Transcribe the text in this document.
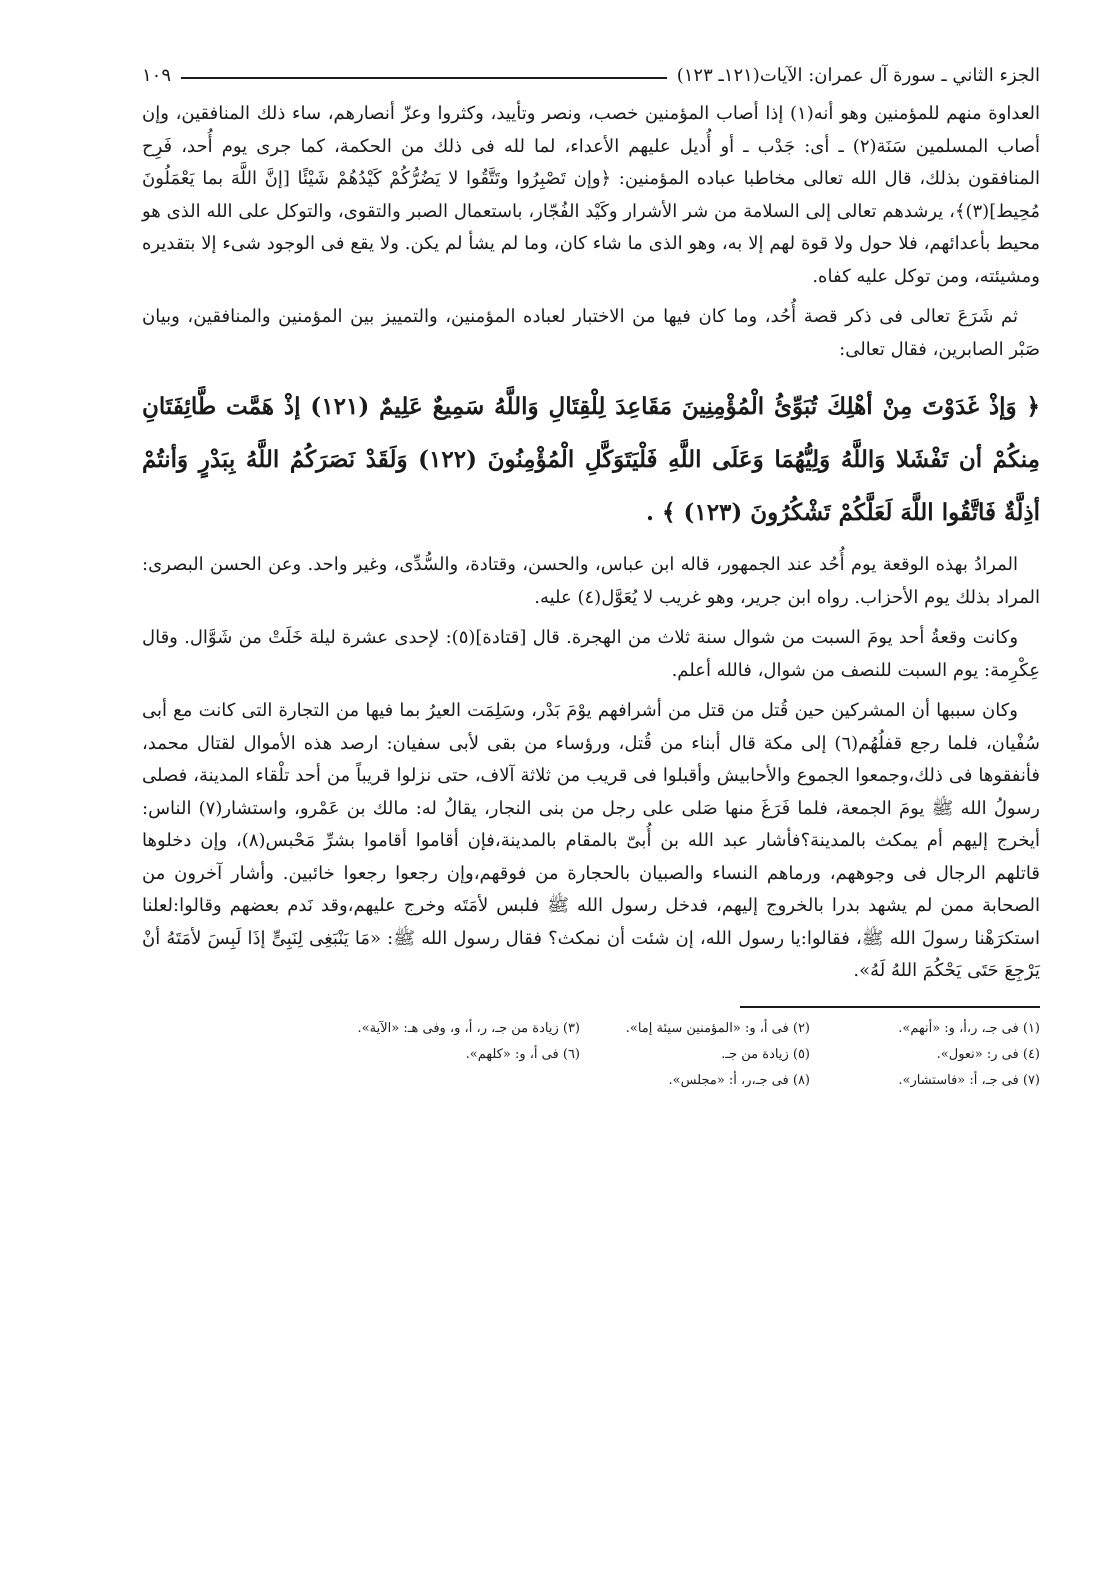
الجزء الثاني ـ سورة آل عمران: الآيات(١٢١ـ ١٢٣)
١٠٩

العداوة منهم للمؤمنين وهو أنه(١) إذا أصاب المؤمنين خصب، ونصر وتأييد، وكثروا وعزّ أنصارهم، ساء ذلك المنافقين، وإن أصاب المسلمين سَنَة(٢) ـ أى: جَدْب ـ أو أُديل عليهم الأعداء، لما لله فى ذلك من الحكمة، كما جرى يوم أُحد، فَرِح المنافقون بذلك، قال الله تعالى مخاطبا عباده المؤمنين: ﴿وإن تَصْبِرُوا وتَتَّقُوا لا يَضُرُّكُمْ كَيْدُهُمْ شَيْئًا [إنَّ اللَّهَ بما يَعْمَلُونَ مُحِيط](٣)﴾، يرشدهم تعالى إلى السلامة من شر الأشرار وكَيْد الفُجّار، باستعمال الصبر والتقوى، والتوكل على الله الذى هو محيط بأعدائهم، فلا حول ولا قوة لهم إلا به، وهو الذى ما شاء كان، وما لم يشأ لم يكن. ولا يقع فى الوجود شىء إلا بتقديره ومشيئته، ومن توكل عليه كفاه.

ثم شَرَعَ تعالى فى ذكر قصة أُحُد، وما كان فيها من الاختبار لعباده المؤمنين، والتمييز بين المؤمنين والمنافقين، وبيان صَبْر الصابرين، فقال تعالى:

﴿ وَإذْ غَدَوْتَ مِنْ أهْلِكَ تُبَوِّئُ الْمُؤْمِنِينَ مَقَاعِدَ لِلْقِتَالِ وَاللَّهُ سَمِيعٌ عَلِيمٌ (١٢١) إذْ هَمَّت طَّائِفَتَانِ مِنكُمْ أن تَفْشَلا وَاللَّهُ وَلِيُّهُمَا وَعَلَى اللَّهِ فَلْيَتَوَكَّلِ الْمُؤْمِنُونَ (١٢٢) وَلَقَدْ نَصَرَكُمُ اللَّهُ بِبَدْرٍ وَأنتُمْ أذِلَّةٌ فَاتَّقُوا اللَّهَ لَعَلَّكُمْ تَشْكُرُونَ (١٢٣) ﴾ .

المرادُ بهذه الوقعة يوم أُحُد عند الجمهور، قاله ابن عباس، والحسن، وقتادة، والسُّدِّى، وغير واحد. وعن الحسن البصرى: المراد بذلك يوم الأحزاب. رواه ابن جرير، وهو غريب لا يُعَوَّل(٤) عليه.

وكانت وقعةُ أحد يومَ السبت من شوال سنة ثلاث من الهجرة. قال [قتادة](٥): لإحدى عشرة ليلة خَلَتْ من شَوَّال. وقال عِكْرِمة: يوم السبت للنصف من شوال، فالله أعلم.

وكان سببها أن المشركين حين قُتل من قتل من أشرافهم يوْمَ بَدْر، وسَلِمَت العيرُ بما فيها من التجارة التى كانت مع أبى سُفْيان، فلما رجع قفلُهُم(٦) إلى مكة قال أبناء من قُتل، ورؤساء من بقى لأبى سفيان: ارصد هذه الأموال لقتال محمد، فأنفقوها فى ذلك،وجمعوا الجموع والأحابيش وأقبلوا فى قريب من ثلاثة آلاف، حتى نزلوا قريباً من أحد تلْقاء المدينة، فصلى رسولُ الله ﷺ يومَ الجمعة، فلما فَرَغَ منها صَلى على رجل من بنى النجار، يقالُ له: مالك بن عَمْرو، واستشار(٧) الناس: أيخرج إليهم أم يمكث بالمدينة؟فأشار عبد الله بن أُبىّ بالمقام بالمدينة،فإن أقاموا أقاموا بشرِّ مَحْبس(٨)، وإن دخلوها قاتلهم الرجال فى وجوههم، ورماهم النساء والصبيان بالحجارة من فوقهم،وإن رجعوا رجعوا خائبين. وأشار آخرون من الصحابة ممن لم يشهد بدرا بالخروج إليهم، فدخل رسول الله ﷺ فلبس لأمَتَه وخرج عليهم،وقد نَدم بعضهم وقالوا:لعلنا استكرَهْنا رسولَ الله ﷺ، فقالوا:يا رسول الله، إن شئت أن نمكث؟ فقال رسول الله ﷺ: «مَا يَنْبَغِى لِنَبِىٍّ إذَا لَبِسَ لأمَتَهُ أنْ يَرْجِعَ حَتَى يَحْكُمَ اللهُ لَهُ».

(١) فى جـ، ر،أ، و: «أنهم».
(٢) فى أ، و: «المؤمنين سيئة إما».
(٣) زيادة من جـ، ر، أ، و، وفى هـ: «الآية».
(٤) فى ر: «نعول».
(٥) زيادة من جـ.
(٦) فى أ، و: «كلهم».
(٧) فى جـ، أ: «فاستشار».
(٨) فى جـ،ر، أ: «مجلس».
